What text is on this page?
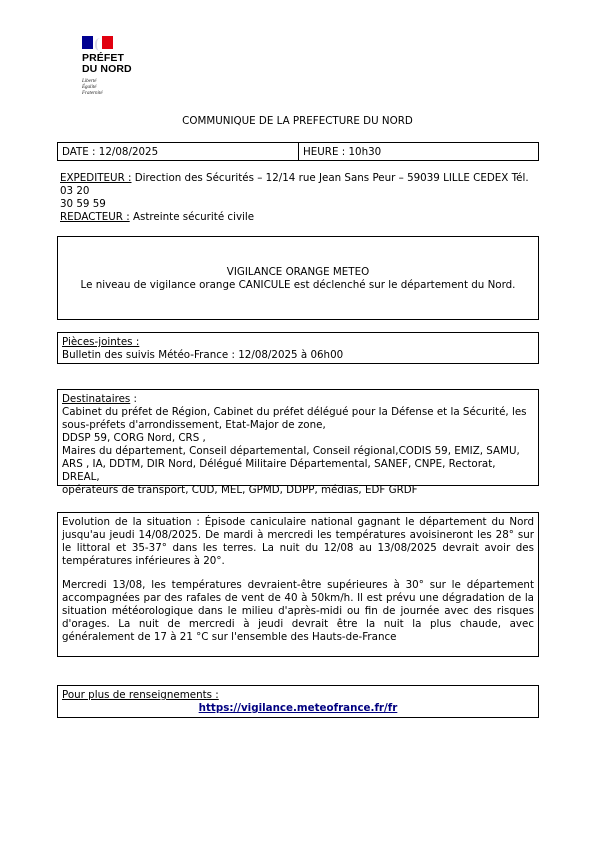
PRÉFET
DU NORD
Liberté
Égalité
Fraternité
COMMUNIQUE DE LA PREFECTURE DU NORD
DATE : 12/08/2025	HEURE : 10h30

EXPEDITEUR : Direction des Sécurités – 12/14 rue Jean Sans Peur – 59039 LILLE CEDEX Tél. 03 20

30 59 59

REDACTEUR : Astreinte sécurité civile

VIGILANCE ORANGE METEO

Le niveau de vigilance orange CANICULE est déclenché sur le département du Nord.

Pièces-jointes :

Bulletin des suivis Météo-France : 12/08/2025 à 06h00

Destinataires :

Cabinet du préfet de Région, Cabinet du préfet délégué pour la Défense et la Sécurité, les

sous-préfets d'arrondissement, Etat-Major de zone,

DDSP 59, CORG Nord, CRS ,

Maires du département, Conseil départemental, Conseil régional,CODIS 59, EMIZ, SAMU,

ARS , IA, DDTM, DIR Nord, Délégué Militaire Départemental, SANEF, CNPE, Rectorat, DREAL,

opérateurs de transport, CUD, MEL, GPMD, DDPP, médias, EDF GRDF

Evolution de la situation : Épisode caniculaire national gagnant le département du Nord jusqu'au jeudi 14/08/2025. De mardi à mercredi les températures avoisineront les 28° sur le littoral et 35-37° dans les terres. La nuit du 12/08 au 13/08/2025 devrait avoir des températures inférieures à 20°.

Mercredi 13/08, les températures devraient-être supérieures à 30° sur le département accompagnées par des rafales de vent de 40 à 50km/h. Il est prévu une dégradation de la situation météorologique dans le milieu d'après-midi ou fin de journée avec des risques d'orages. La nuit de mercredi à jeudi devrait être la nuit la plus chaude, avec généralement de 17 à 21 °C sur l'ensemble des Hauts-de-France

Pour plus de renseignements :

https://vigilance.meteofrance.fr/fr
